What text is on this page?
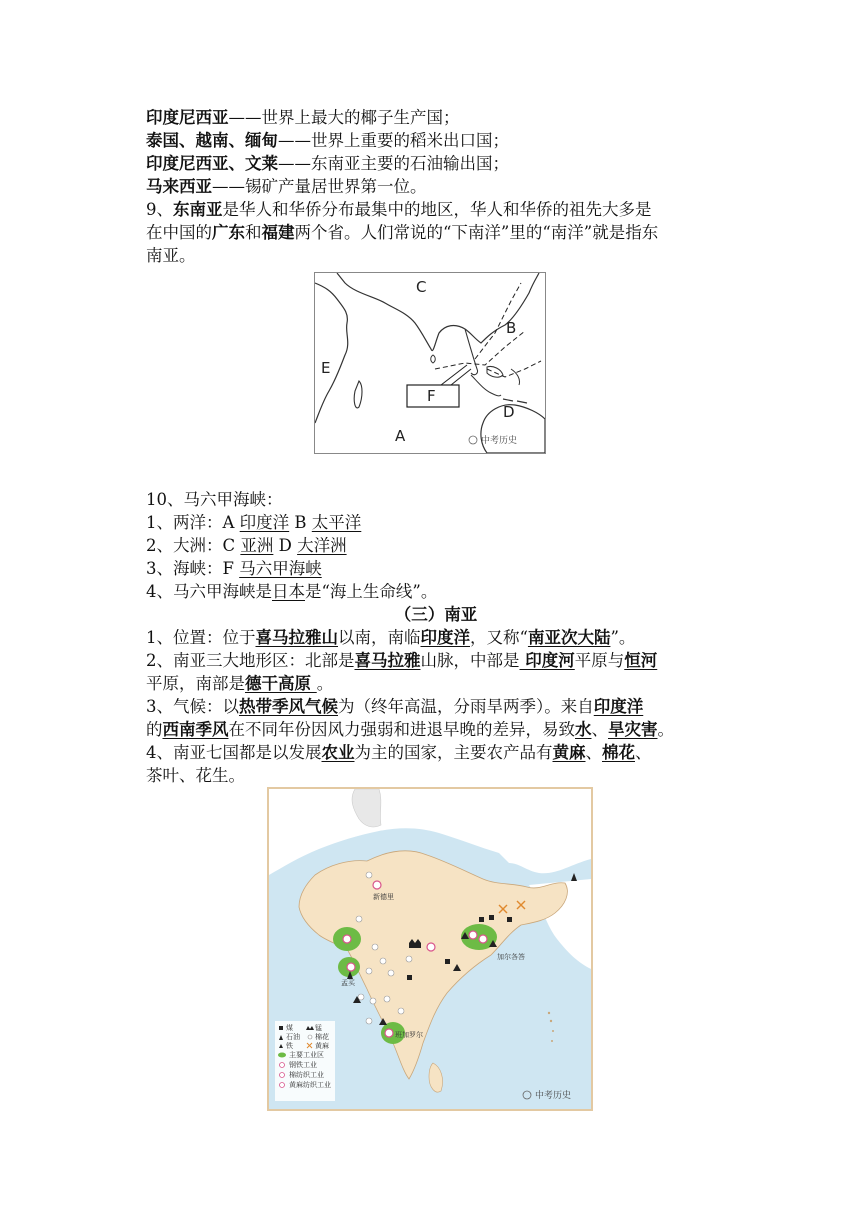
印度尼西亚——世界上最大的椰子生产国；
泰国、越南、缅甸——世界上重要的稻米出口国；
印度尼西亚、文莱——东南亚主要的石油输出国；
马来西亚——锡矿产量居世界第一位。
9、东南亚是华人和华侨分布最集中的地区，华人和华侨的祖先大多是
在中国的广东和福建两个省。人们常说的“下南洋”里的“南洋”就是指东
南亚。
C
B
E
F
D
A	中考历史
10、马六甲海峡：
1、两洋：A 印度洋 B 太平洋
2、大洲：C 亚洲 D 大洋洲
3、海峡：F 马六甲海峡
4、马六甲海峡是日本是“海上生命线”。
（三）南亚
1、位置：位于喜马拉雅山以南，南临印度洋，又称“南亚次大陆”。
2、南亚三大地形区：北部是喜马拉雅山脉，中部是 印度河平原与恒河
平原，南部是德干高原 。
3、气候：以热带季风气候为（终年高温，分雨旱两季）。来自印度洋
的西南季风在不同年份因风力强弱和进退早晚的差异，易致水、旱灾害。
4、南亚七国都是以发展农业为主的国家，主要农产品有黄麻、棉花、
茶叶、花生。
新德里
加尔各答
孟买
班加罗尔
煤	锰
石油 棉花
铁	黄麻
主要工业区
钢铁工业
棉纺织工业
黄麻纺织工业
中考历史
